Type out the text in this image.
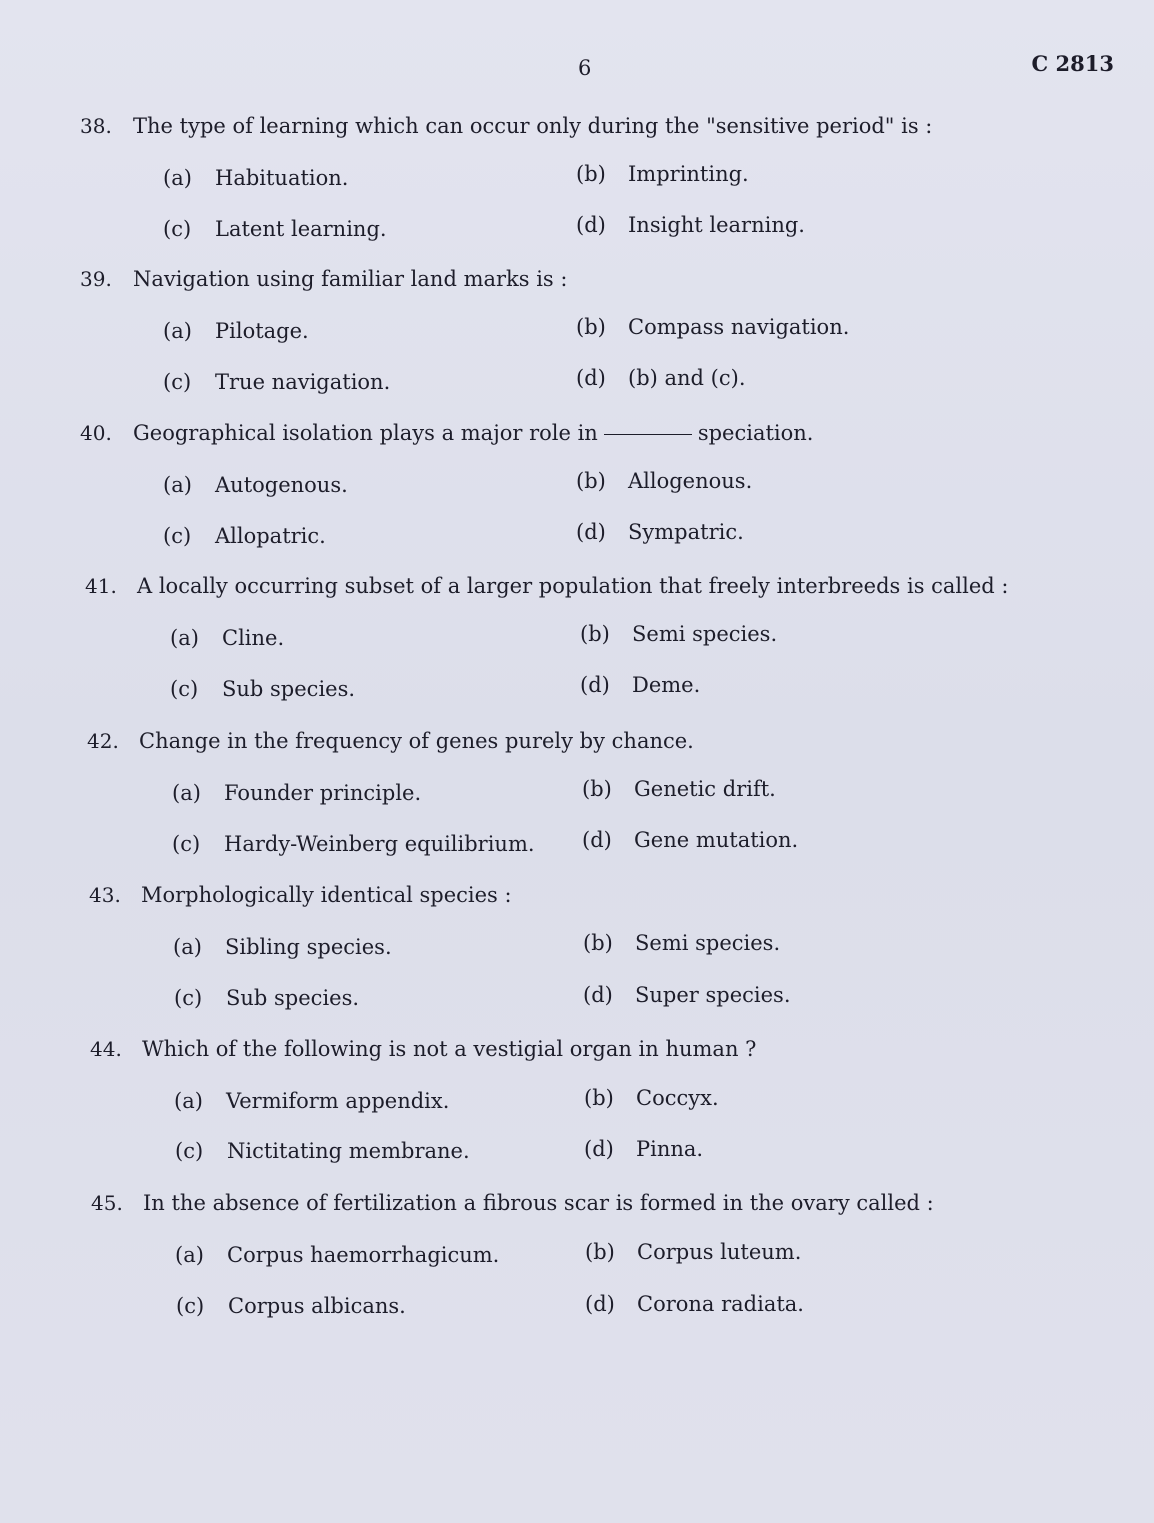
6	C 2813
38. The type of learning which can occur only during the "sensitive period" is :
(a) Habituation.	(b) Imprinting.
(c) Latent learning.	(d) Insight learning.
39. Navigation using familiar land marks is :
(a) Pilotage.	(b) Compass navigation.
(c) True navigation.	(d) (b) and (c).
40. Geographical isolation plays a major role in	speciation.
(a) Autogenous.	(b) Allogenous.
(c) Allopatric.	(d) Sympatric.
41. A locally occurring subset of a larger population that freely interbreeds is called :
(a) Cline.	(b) Semi species.
(c) Sub species.	(d) Deme.
42. Change in the frequency of genes purely by chance.
(a) Founder principle.	(b) Genetic drift.
(c) Hardy-Weinberg equilibrium. (d) Gene mutation.
43. Morphologically identical species :
(a) Sibling species.	(b) Semi species.
(c) Sub species.	(d) Super species.
44. Which of the following is not a vestigial organ in human ?
(a) Vermiform appendix.	(b) Coccyx.
(c) Nictitating membrane.	(d) Pinna.
45. In the absence of fertilization a fibrous scar is formed in the ovary called :
(a) Corpus haemorrhagicum.	(b) Corpus luteum.
(c) Corpus albicans.	(d) Corona radiata.
